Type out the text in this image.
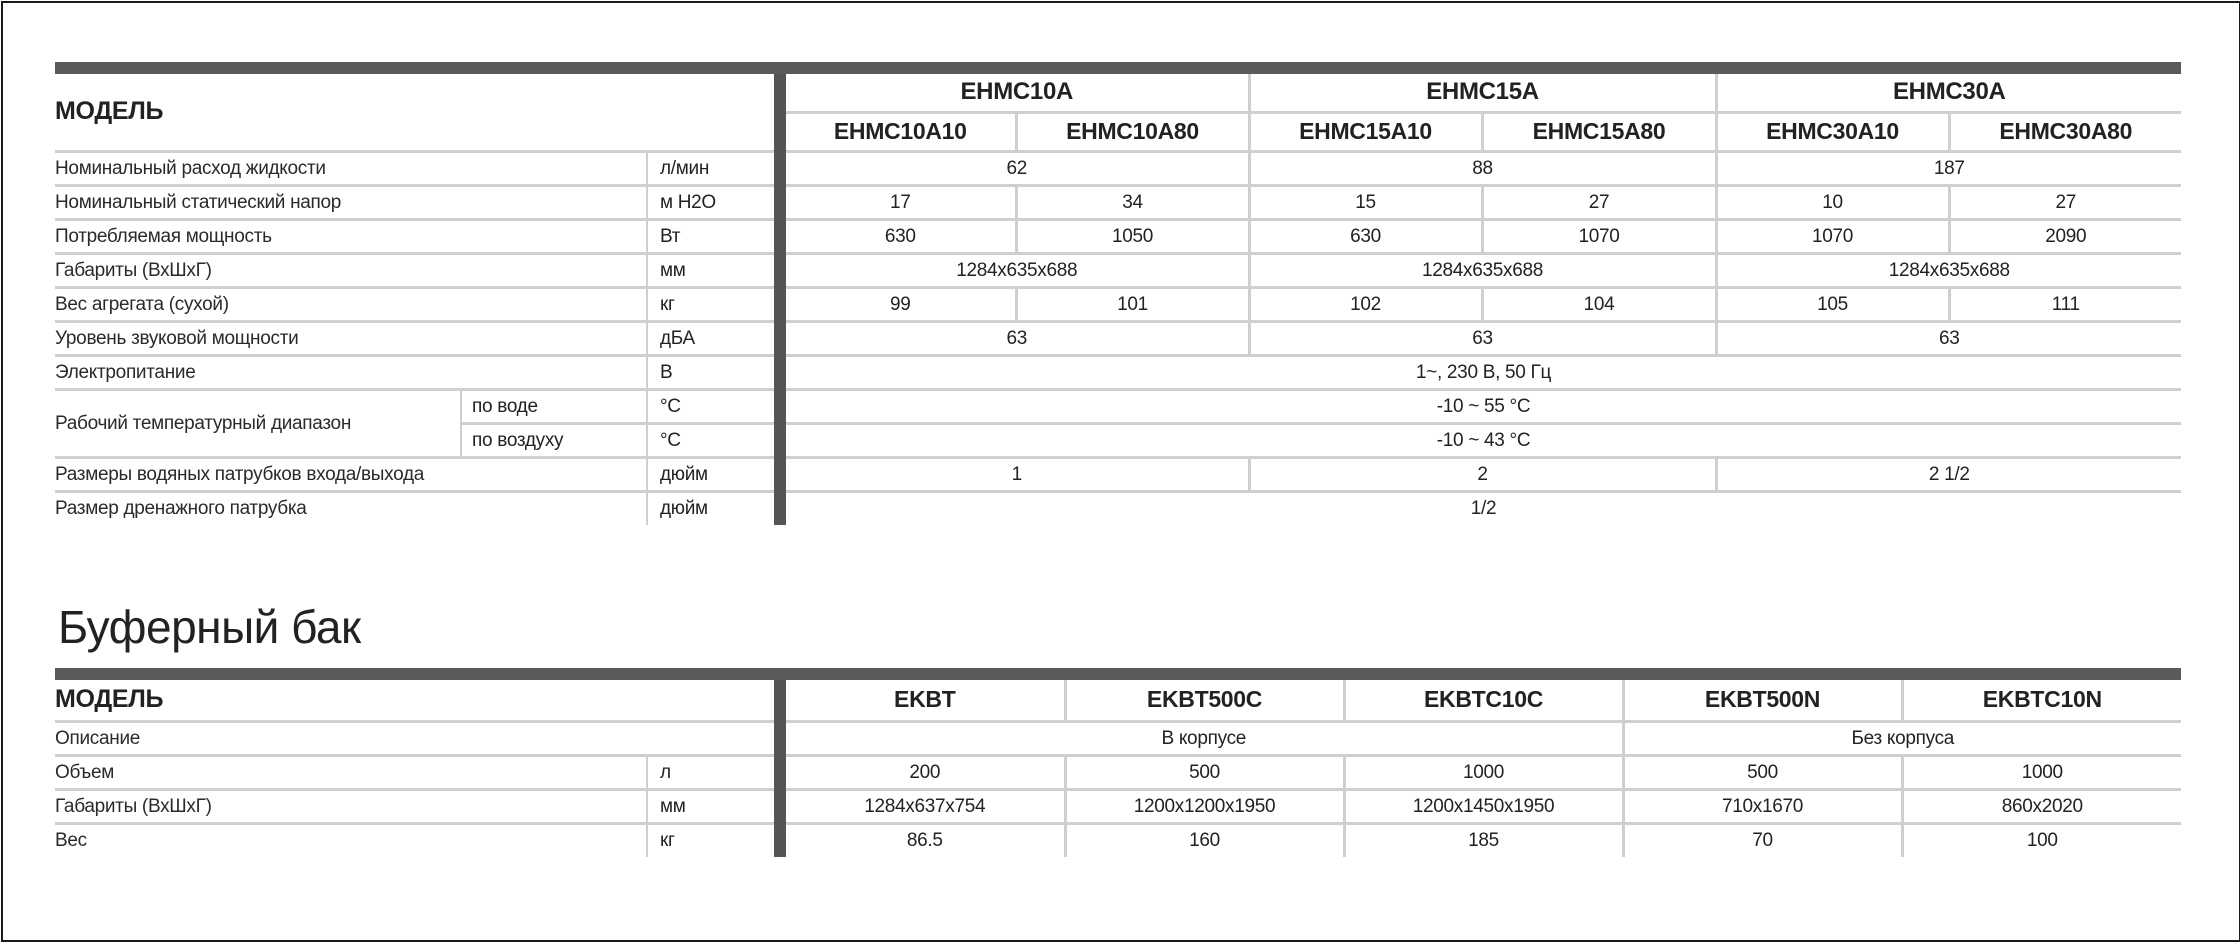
МОДЕЛЬ				EHMC10A		EHMC15A		EHMC30A	
				EHMC10A10	EHMC10A80	EHMC15A10	EHMC15A80	EHMC30A10	EHMC30A80
Номинальный расход жидкости		л/мин		62		88		187	
Номинальный статический напор		м H2O		17	34	15	27	10	27
Потребляемая мощность		Вт		630	1050	630	1070	1070	2090
Габариты (ВхШхГ)		мм		1284x635x688		1284x635x688		1284x635x688	
Вес агрегата (сухой)		кг		99	101	102	104	105	111
Уровень звуковой мощности		дБА		63		63		63	
Электропитание		В		1~, 230 В, 50 Гц					
Рабочий температурный диапазон	по воде	°C		-10 ~ 55 °C					
	по воздуху	°C		-10 ~ 43 °C					
Размеры водяных патрубков входа/выхода		дюйм		1		2		2 1/2	
Размер дренажного патрубка		дюйм		1/2					
Буферный бак
МОДЕЛЬ			EKBT	EKBT500C	EKBTC10C	EKBT500N	EKBTC10N
Описание			В корпусе			Без корпуса	
Объем	л		200	500	1000	500	1000
Габариты (ВхШхГ)	мм		1284x637x754	1200x1200x1950	1200x1450x1950	710x1670	860x2020
Вес	кг		86.5	160	185	70	100
